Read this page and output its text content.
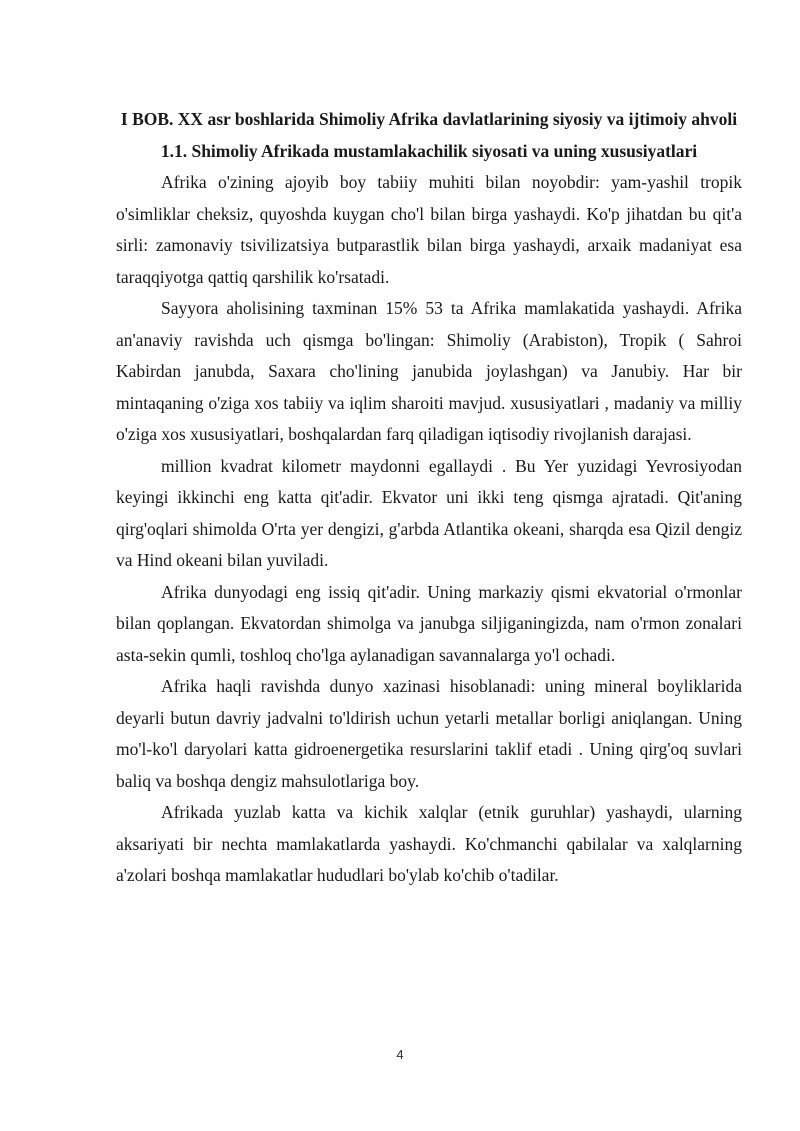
I BOB. XX asr boshlarida Shimoliy Afrika davlatlarining siyosiy va ijtimoiy ahvoli
1.1. Shimoliy Afrikada mustamlakachilik siyosati va uning xususiyatlari

Afrika o'zining ajoyib boy tabiiy muhiti bilan noyobdir: yam-yashil tropik o'simliklar cheksiz, quyoshda kuygan cho'l bilan birga yashaydi. Ko'p jihatdan bu qit'a sirli: zamonaviy tsivilizatsiya butparastlik bilan birga yashaydi, arxaik madaniyat esa taraqqiyotga qattiq qarshilik ko'rsatadi.

Sayyora aholisining taxminan 15% 53 ta Afrika mamlakatida yashaydi. Afrika an'anaviy ravishda uch qismga bo'lingan: Shimoliy (Arabiston), Tropik ( Sahroi Kabirdan janubda, Saxara cho'lining janubida joylashgan) va Janubiy. Har bir mintaqaning o'ziga xos tabiiy va iqlim sharoiti mavjud. xususiyatlari , madaniy va milliy o'ziga xos xususiyatlari, boshqalardan farq qiladigan iqtisodiy rivojlanish darajasi.

million kvadrat kilometr maydonni egallaydi . Bu Yer yuzidagi Yevrosiyodan keyingi ikkinchi eng katta qit'adir. Ekvator uni ikki teng qismga ajratadi. Qit'aning qirg'oqlari shimolda O'rta yer dengizi, g'arbda Atlantika okeani, sharqda esa Qizil dengiz va Hind okeani bilan yuviladi.

Afrika dunyodagi eng issiq qit'adir. Uning markaziy qismi ekvatorial o'rmonlar bilan qoplangan. Ekvatordan shimolga va janubga siljiganingizda, nam o'rmon zonalari asta-sekin qumli, toshloq cho'lga aylanadigan savannalarga yo'l ochadi.

Afrika haqli ravishda dunyo xazinasi hisoblanadi: uning mineral boyliklarida deyarli butun davriy jadvalni to'ldirish uchun yetarli metallar borligi aniqlangan. Uning mo'l-ko'l daryolari katta gidroenergetika resurslarini taklif etadi . Uning qirg'oq suvlari baliq va boshqa dengiz mahsulotlariga boy.

Afrikada yuzlab katta va kichik xalqlar (etnik guruhlar) yashaydi, ularning aksariyati bir nechta mamlakatlarda yashaydi. Ko'chmanchi qabilalar va xalqlarning a'zolari boshqa mamlakatlar hududlari bo'ylab ko'chib o'tadilar.

4
